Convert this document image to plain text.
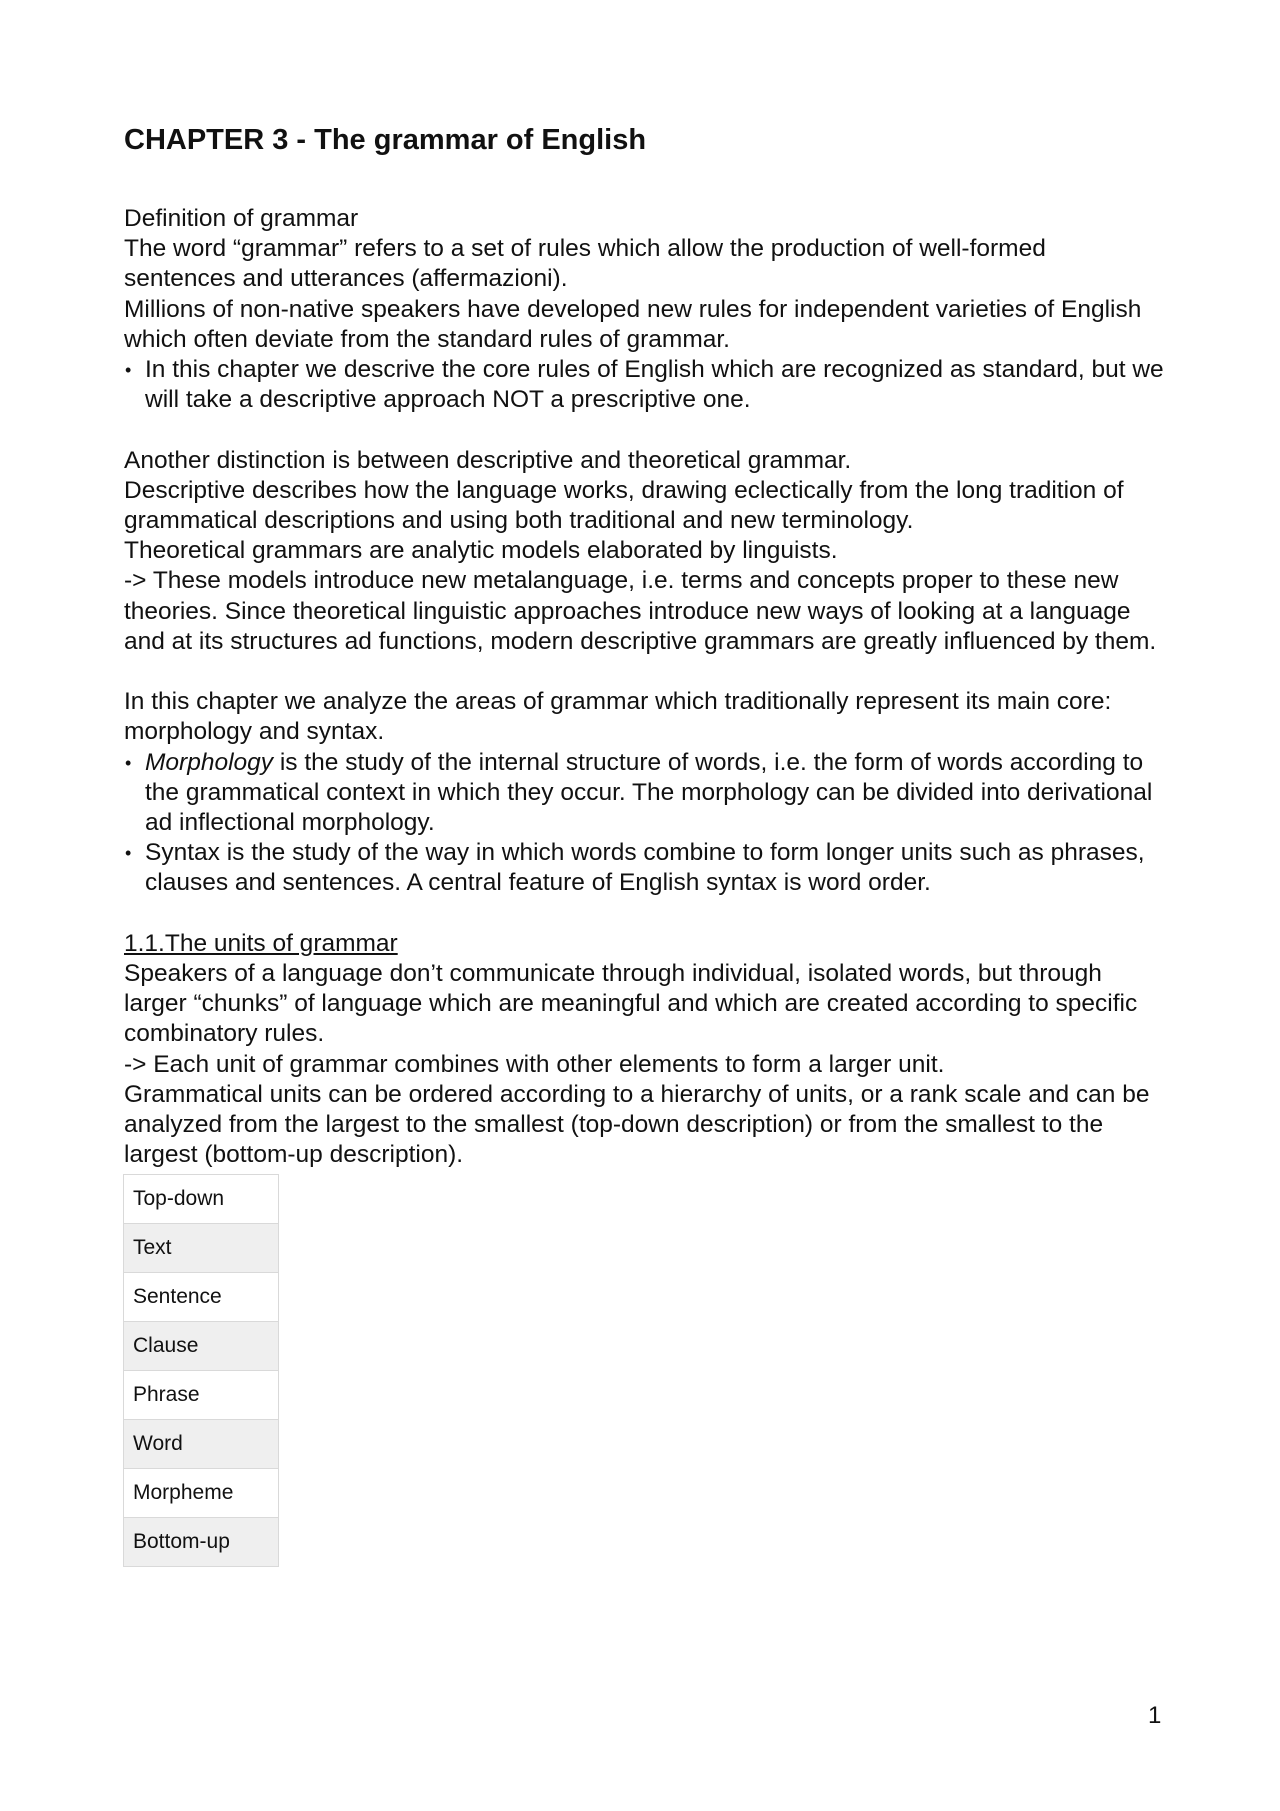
CHAPTER 3 - The grammar of English

Definition of grammar

The word “grammar” refers to a set of rules which allow the production of well-formed sentences and utterances (affermazioni).

Millions of non-native speakers have developed new rules for independent varieties of English which often deviate from the standard rules of grammar.

• In this chapter we descrive the core rules of English which are recognized as standard, but we will take a descriptive approach NOT a prescriptive one.

Another distinction is between descriptive and theoretical grammar.

Descriptive describes how the language works, drawing eclectically from the long tradition of grammatical descriptions and using both traditional and new terminology.

Theoretical grammars are analytic models elaborated by linguists.

-> These models introduce new metalanguage, i.e. terms and concepts proper to these new theories. Since theoretical linguistic approaches introduce new ways of looking at a language and at its structures ad functions, modern descriptive grammars are greatly influenced by them.

In this chapter we analyze the areas of grammar which traditionally represent its main core: morphology and syntax.

• Morphology is the study of the internal structure of words, i.e. the form of words according to the grammatical context in which they occur. The morphology can be divided into derivational ad inflectional morphology.
• Syntax is the study of the way in which words combine to form longer units such as phrases, clauses and sentences. A central feature of English syntax is word order.

1.1.The units of grammar

Speakers of a language don’t communicate through individual, isolated words, but through larger “chunks” of language which are meaningful and which are created according to specific combinatory rules.

-> Each unit of grammar combines with other elements to form a larger unit.

Grammatical units can be ordered according to a hierarchy of units, or a rank scale and can be analyzed from the largest to the smallest (top-down description) or from the smallest to the largest (bottom-up description).

Top-down
Text
Sentence
Clause
Phrase
Word
Morpheme
Bottom-up
1
